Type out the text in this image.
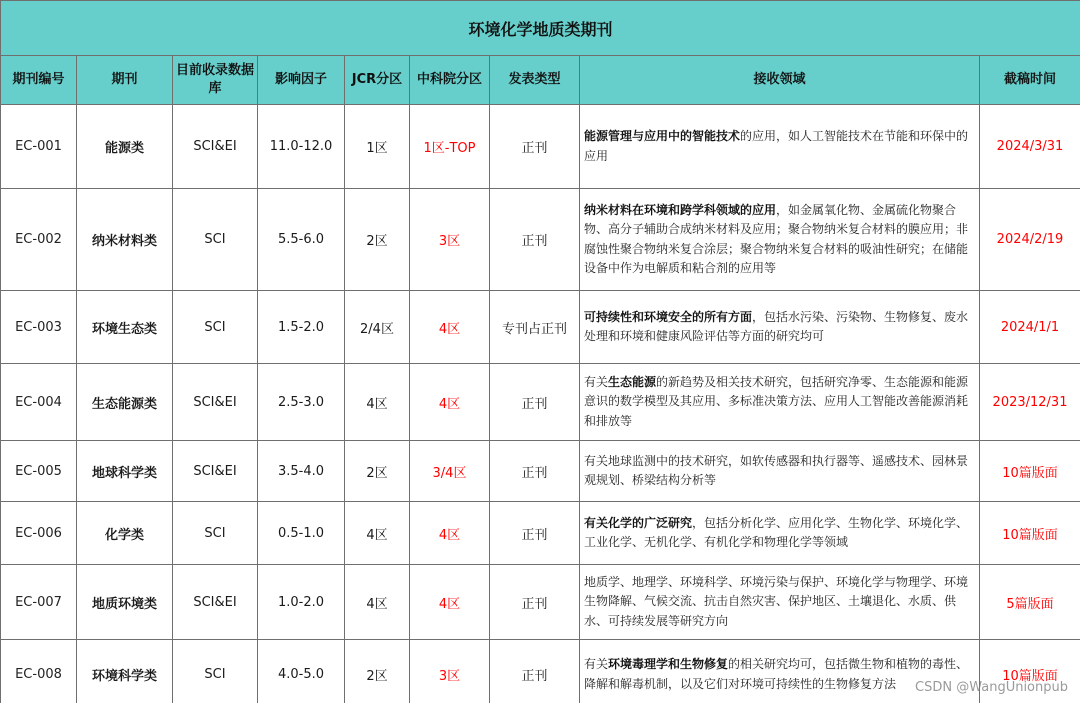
环境化学地质类期刊								
期刊编号	期刊	目前收录数据库	影响因子	JCR分区	中科院分区	发表类型	接收领域	截稿时间
EC-001	能源类	SCI&EI	11.0-12.0	1区	1区-TOP	正刊	能源管理与应用中的智能技术的应用，如人工智能技术在节能和环保中的应用	2024/3/31
EC-002	纳米材料类	SCI	5.5-6.0	2区	3区	正刊	纳米材料在环境和跨学科领域的应用，如金属氧化物、金属硫化物聚合物、高分子辅助合成纳米材料及应用；聚合物纳米复合材料的膜应用；非腐蚀性聚合物纳米复合涂层；聚合物纳米复合材料的吸油性研究；在储能设备中作为电解质和粘合剂的应用等	2024/2/19
EC-003	环境生态类	SCI	1.5-2.0	2/4区	4区	专刊占正刊	可持续性和环境安全的所有方面，包括水污染、污染物、生物修复、废水处理和环境和健康风险评估等方面的研究均可	2024/1/1
EC-004	生态能源类	SCI&EI	2.5-3.0	4区	4区	正刊	有关生态能源的新趋势及相关技术研究，包括研究净零、生态能源和能源意识的数学模型及其应用、多标准决策方法、应用人工智能改善能源消耗和排放等	2023/12/31
EC-005	地球科学类	SCI&EI	3.5-4.0	2区	3/4区	正刊	有关地球监测中的技术研究，如软传感器和执行器等、遥感技术、园林景观规划、桥梁结构分析等	10篇版面
EC-006	化学类	SCI	0.5-1.0	4区	4区	正刊	有关化学的广泛研究，包括分析化学、应用化学、生物化学、环境化学、工业化学、无机化学、有机化学和物理化学等领域	10篇版面
EC-007	地质环境类	SCI&EI	1.0-2.0	4区	4区	正刊	地质学、地理学、环境科学、环境污染与保护、环境化学与物理学、环境生物降解、气候交流、抗击自然灾害、保护地区、土壤退化、水质、供水、可持续发展等研究方向	5篇版面
EC-008	环境科学类	SCI	4.0-5.0	2区	3区	正刊	有关环境毒理学和生物修复的相关研究均可，包括微生物和植物的毒性、降解和解毒机制，以及它们对环境可持续性的生物修复方法	10篇版面
CSDN @WangUnionpub
